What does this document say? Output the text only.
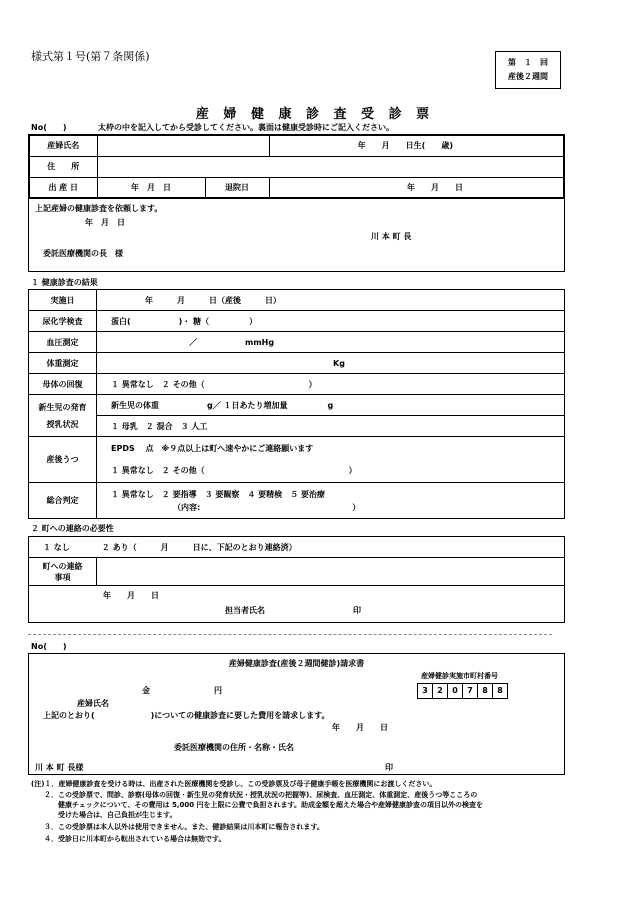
様式第１号(第７条関係)	第　１　回
産後２週間
産 婦 健 康 診 査 受 診 票
No(　　)	太枠の中を記入してから受診してください。裏面は健康受診時にご記入ください。
産婦氏名			年　　月　　日生(　　歳)
住　　所			
出 産 日	年　月　日	退院日	年　　月　　日
上記産婦の健康診査を依頼します。
年　月　日
川 本 町 長
委託医療機関の長　様
１ 健康診査の結果
実施日	年　　　月　　　日（産後　　　日）
尿化学検査	蛋白(　　　　　　)・ 糖（　　　　　）
血圧測定	／　　　　　　mmHg
体重測定	Kg
母体の回復	１ 異常なし　２ その他（　　　　　　　　　　　　　）

新生児の発育
授乳状況	新生児の体重　　　　　　g／ １日あたり増加量　　　　　g
	１ 母乳　２ 混合　３ 人工
産後うつ	EPDS　 点　※９点以上は町へ速やかにご連絡願います
１ 異常なし　２ その他（　　　　　　　　　　　　　　　　　　）

総合判定	１ 異常なし　２ 要指導　３ 要観察　４ 要精検　５ 要治療
（内容:　　　　　　　　　　　　　　　　　　　）
２ 町への連絡の必要性
１ なし　　　　２ あり（　　　月　　　日に、下記のとおり連絡済）

町への連絡
事項

年　　月　　日
担当者氏名　　　　　　　　　　　印
No(　　)
産婦健康診査(産後２週間健診)請求書
産婦健診実施市町村番号
金　　　　　　　　円
産婦氏名
上記のとおり(　　　　　　　)についての健康診査に要した費用を請求します。
年　　月　　日
委託医療機関の住所・名称・氏名
川 本 町 長様	印
3	2	0	7	8	8
(注)１．産婦健康診査を受ける時は、出産された医療機関を受診し、この受診票及び母子健康手帳を医療機関にお渡しください。
２．この受診票で、問診、診察(母体の回復・新生児の発育状況・授乳状況の把握等)、尿検査、血圧測定、体重測定、産後うつ等こころの
健康チェックについて、その費用は 5,000 円を上限に公費で負担されます。助成金額を超えた場合や産婦健康診査の項目以外の検査を
受けた場合は、自己負担が生じます。
３．この受診票は本人以外は使用できません。また、健診結果は川本町に報告されます。
４．受診日に川本町から転出されている場合は無効です。
